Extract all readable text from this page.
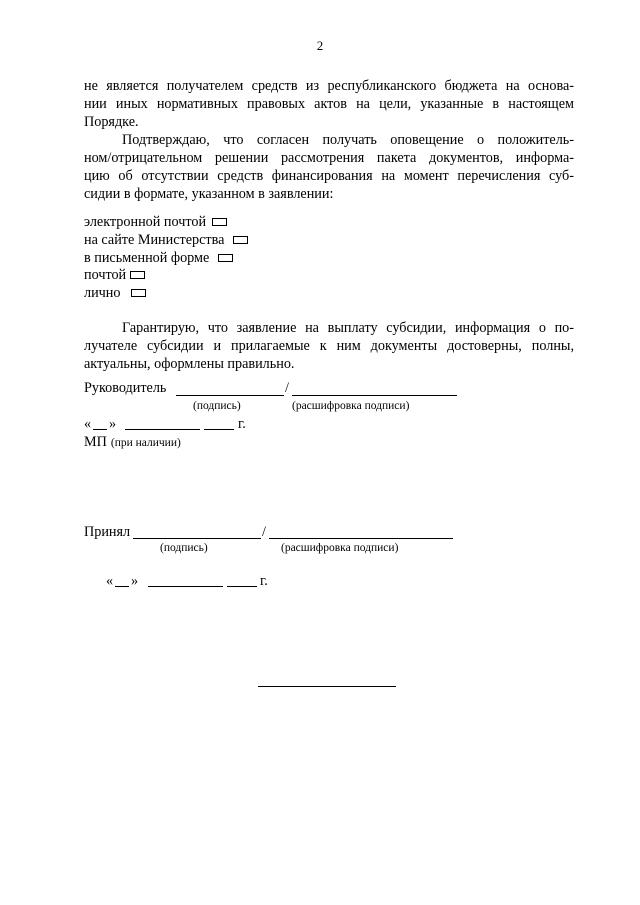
2
не является получателем средств из республиканского бюджета на основа-
нии иных нормативных правовых актов на цели, указанные в настоящем
Порядке.
Подтверждаю, что согласен получать оповещение о положитель-
ном/отрицательном решении рассмотрения пакета документов, информа-
цию об отсутствии средств финансирования на момент перечисления суб-
сидии в формате, указанном в заявлении:
электронной почтой
на сайте Министерства
в письменной форме
почтой
лично
Гарантирую, что заявление на выплату субсидии, информация о по-
лучателе субсидии и прилагаемые к ним документы достоверны, полны,
актуальны, оформлены правильно.
Руководитель	/
(подпись)	(расшифровка подписи)
« »	г.
МП (при наличии)
Принял	/
(подпись)	(расшифровка подписи)
« »	г.
